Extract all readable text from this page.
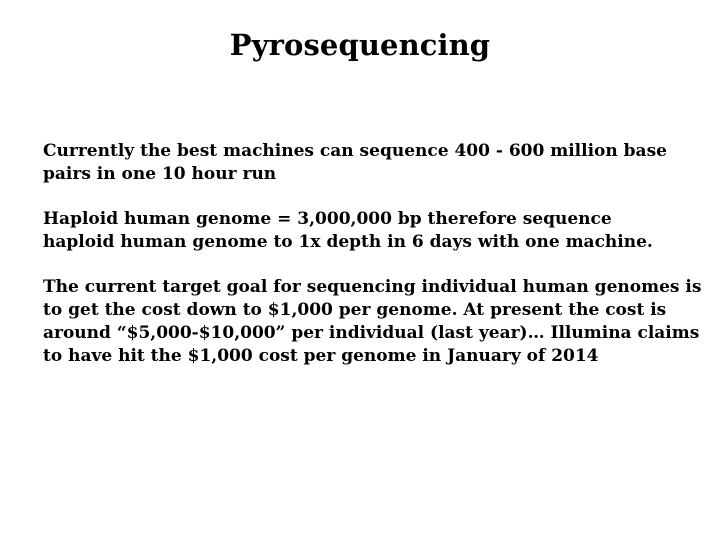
Pyrosequencing

Currently the best machines can sequence 400 - 600 million base
pairs in one 10 hour run

Haploid human genome = 3,000,000 bp therefore sequence
haploid human genome to 1x depth in 6 days with one machine.

The current target goal for sequencing individual human genomes is
to get the cost down to $1,000 per genome. At present the cost is
around “$5,000-$10,000” per individual (last year)… Illumina claims
to have hit the $1,000 cost per genome in January of 2014
